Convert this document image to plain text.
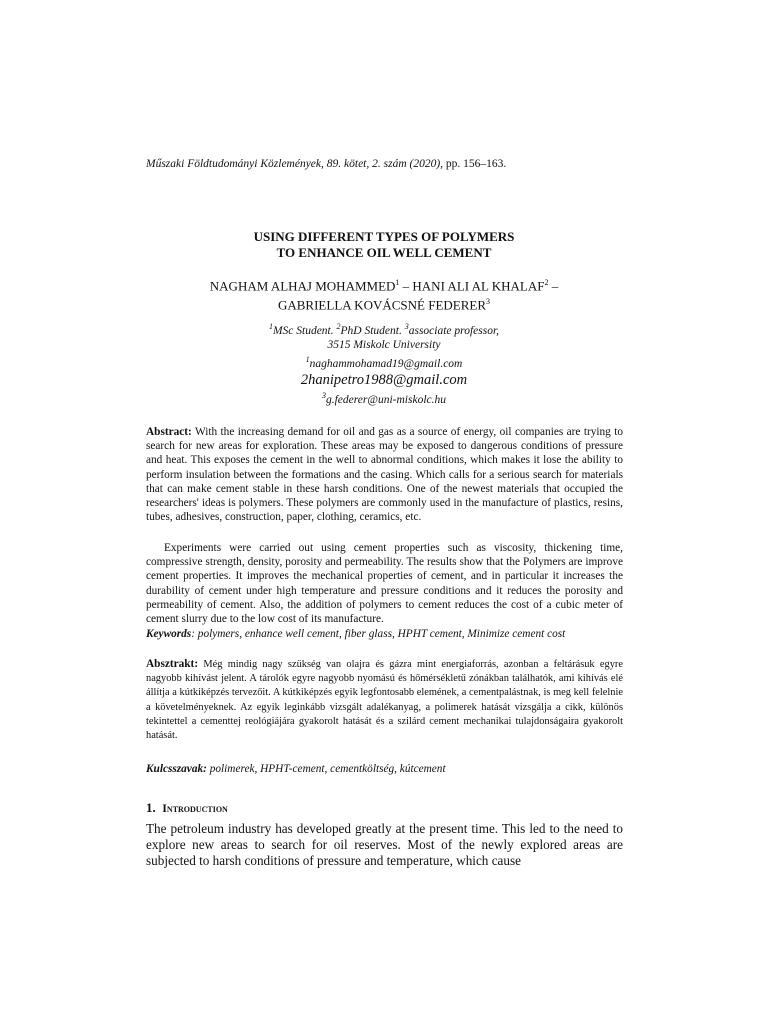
Műszaki Földtudományi Közlemények, 89. kötet, 2. szám (2020), pp. 156–163.
USING DIFFERENT TYPES OF POLYMERS
TO ENHANCE OIL WELL CEMENT
NAGHAM ALHAJ MOHAMMED$^1$ – HANI ALI AL KHALAF$^2$ –
GABRIELLA KOVÁCSNÉ FEDERER$^3$
$^1$MSc Student. $^2$PhD Student. $^3$associate professor,
3515 Miskolc University
$^1$naghammohamad19@gmail.com
2hanipetro1988@gmail.com
$^3$g.federer@uni-miskolc.hu

Abstract: With the increasing demand for oil and gas as a source of energy, oil companies are trying to search for new areas for exploration. These areas may be exposed to dangerous conditions of pressure and heat. This exposes the cement in the well to abnormal conditions, which makes it lose the ability to perform insulation between the formations and the casing. Which calls for a serious search for materials that can make cement stable in these harsh conditions. One of the newest materials that occupied the researchers' ideas is polymers. These polymers are commonly used in the manufacture of plastics, resins, tubes, adhesives, construction, paper, clothing, ceramics, etc.

Experiments were carried out using cement properties such as viscosity, thickening time, compressive strength, density, porosity and permeability. The results show that the Polymers are improve cement properties. It improves the mechanical properties of cement, and in particular it increases the durability of cement under high temperature and pressure conditions and it reduces the porosity and permeability of cement. Also, the addition of polymers to cement reduces the cost of a cubic meter of cement slurry due to the low cost of its manufacture.

Keywords: polymers, enhance well cement, fiber glass, HPHT cement, Minimize cement cost

Absztrakt: Még mindig nagy szükség van olajra és gázra mint energiaforrás, azonban a feltárásuk egyre nagyobb kihívást jelent. A tárolók egyre nagyobb nyomású és hőmérsékletű zónákban találhatók, ami kihívás elé állítja a kútkiképzés tervezőit. A kútkiképzés egyik legfontosabb elemének, a cementpalástnak, is meg kell felelnie a követelményeknek. Az egyik leginkább vizsgált adalékanyag, a polimerek hatását vizsgálja a cikk, különös tekintettel a cementtej reológiájára gyakorolt hatását és a szilárd cement mechanikai tulajdonságaira gyakorolt hatását.

Kulcsszavak: polimerek, HPHT-cement, cementköltség, kútcement

1. Introduction

The petroleum industry has developed greatly at the present time. This led to the need to explore new areas to search for oil reserves. Most of the newly explored areas are subjected to harsh conditions of pressure and temperature, which cause
